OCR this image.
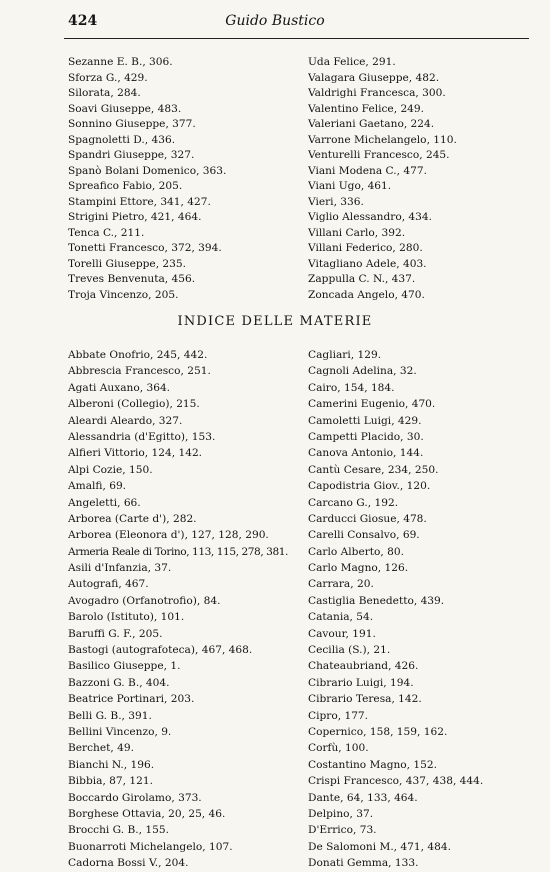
424	Guido Bustico
Sezanne E. B., 306.
Sforza G., 429.
Silorata, 284.
Soavi Giuseppe, 483.
Sonnino Giuseppe, 377.
Spagnoletti D., 436.
Spandri Giuseppe, 327.
Spanò Bolani Domenico, 363.
Spreafico Fabio, 205.
Stampini Ettore, 341, 427.
Strigini Pietro, 421, 464.
Tenca C., 211.
Tonetti Francesco, 372, 394.
Torelli Giuseppe, 235.
Treves Benvenuta, 456.
Troja Vincenzo, 205.
Uda Felice, 291.
Valagara Giuseppe, 482.
Valdrighi Francesca, 300.
Valentino Felice, 249.
Valeriani Gaetano, 224.
Varrone Michelangelo, 110.
Venturelli Francesco, 245.
Viani Modena C., 477.
Viani Ugo, 461.
Vieri, 336.
Viglio Alessandro, 434.
Villani Carlo, 392.
Villani Federico, 280.
Vitagliano Adele, 403.
Zappulla C. N., 437.
Zoncada Angelo, 470.
INDICE DELLE MATERIE
Abbate Onofrio, 245, 442.
Abbrescia Francesco, 251.
Agati Auxano, 364.
Alberoni (Collegio), 215.
Aleardi Aleardo, 327.
Alessandria (d'Egitto), 153.
Alfieri Vittorio, 124, 142.
Alpi Cozie, 150.
Amalfi, 69.
Angeletti, 66.
Arborea (Carte d'), 282.
Arborea (Eleonora d'), 127, 128, 290.
Armeria Reale di Torino, 113, 115, 278, 381.
Asili d'Infanzia, 37.
Autografi, 467.
Avogadro (Orfanotrofio), 84.
Barolo (Istituto), 101.
Baruffi G. F., 205.
Bastogi (autografoteca), 467, 468.
Basilico Giuseppe, 1.
Bazzoni G. B., 404.
Beatrice Portinari, 203.
Belli G. B., 391.
Bellini Vincenzo, 9.
Berchet, 49.
Bianchi N., 196.
Bibbia, 87, 121.
Boccardo Girolamo, 373.
Borghese Ottavia, 20, 25, 46.
Brocchi G. B., 155.
Buonarroti Michelangelo, 107.
Cadorna Bossi V., 204.
Cagliari, 129.
Cagnoli Adelina, 32.
Cairo, 154, 184.
Camerini Eugenio, 470.
Camoletti Luigi, 429.
Campetti Placido, 30.
Canova Antonio, 144.
Cantù Cesare, 234, 250.
Capodistria Giov., 120.
Carcano G., 192.
Carducci Giosue, 478.
Carelli Consalvo, 69.
Carlo Alberto, 80.
Carlo Magno, 126.
Carrara, 20.
Castiglia Benedetto, 439.
Catania, 54.
Cavour, 191.
Cecilia (S.), 21.
Chateaubriand, 426.
Cibrario Luigi, 194.
Cibrario Teresa, 142.
Cipro, 177.
Copernico, 158, 159, 162.
Corfù, 100.
Costantino Magno, 152.
Crispi Francesco, 437, 438, 444.
Dante, 64, 133, 464.
Delpino, 37.
D'Errico, 73.
De Salomoni M., 471, 484.
Donati Gemma, 133.
